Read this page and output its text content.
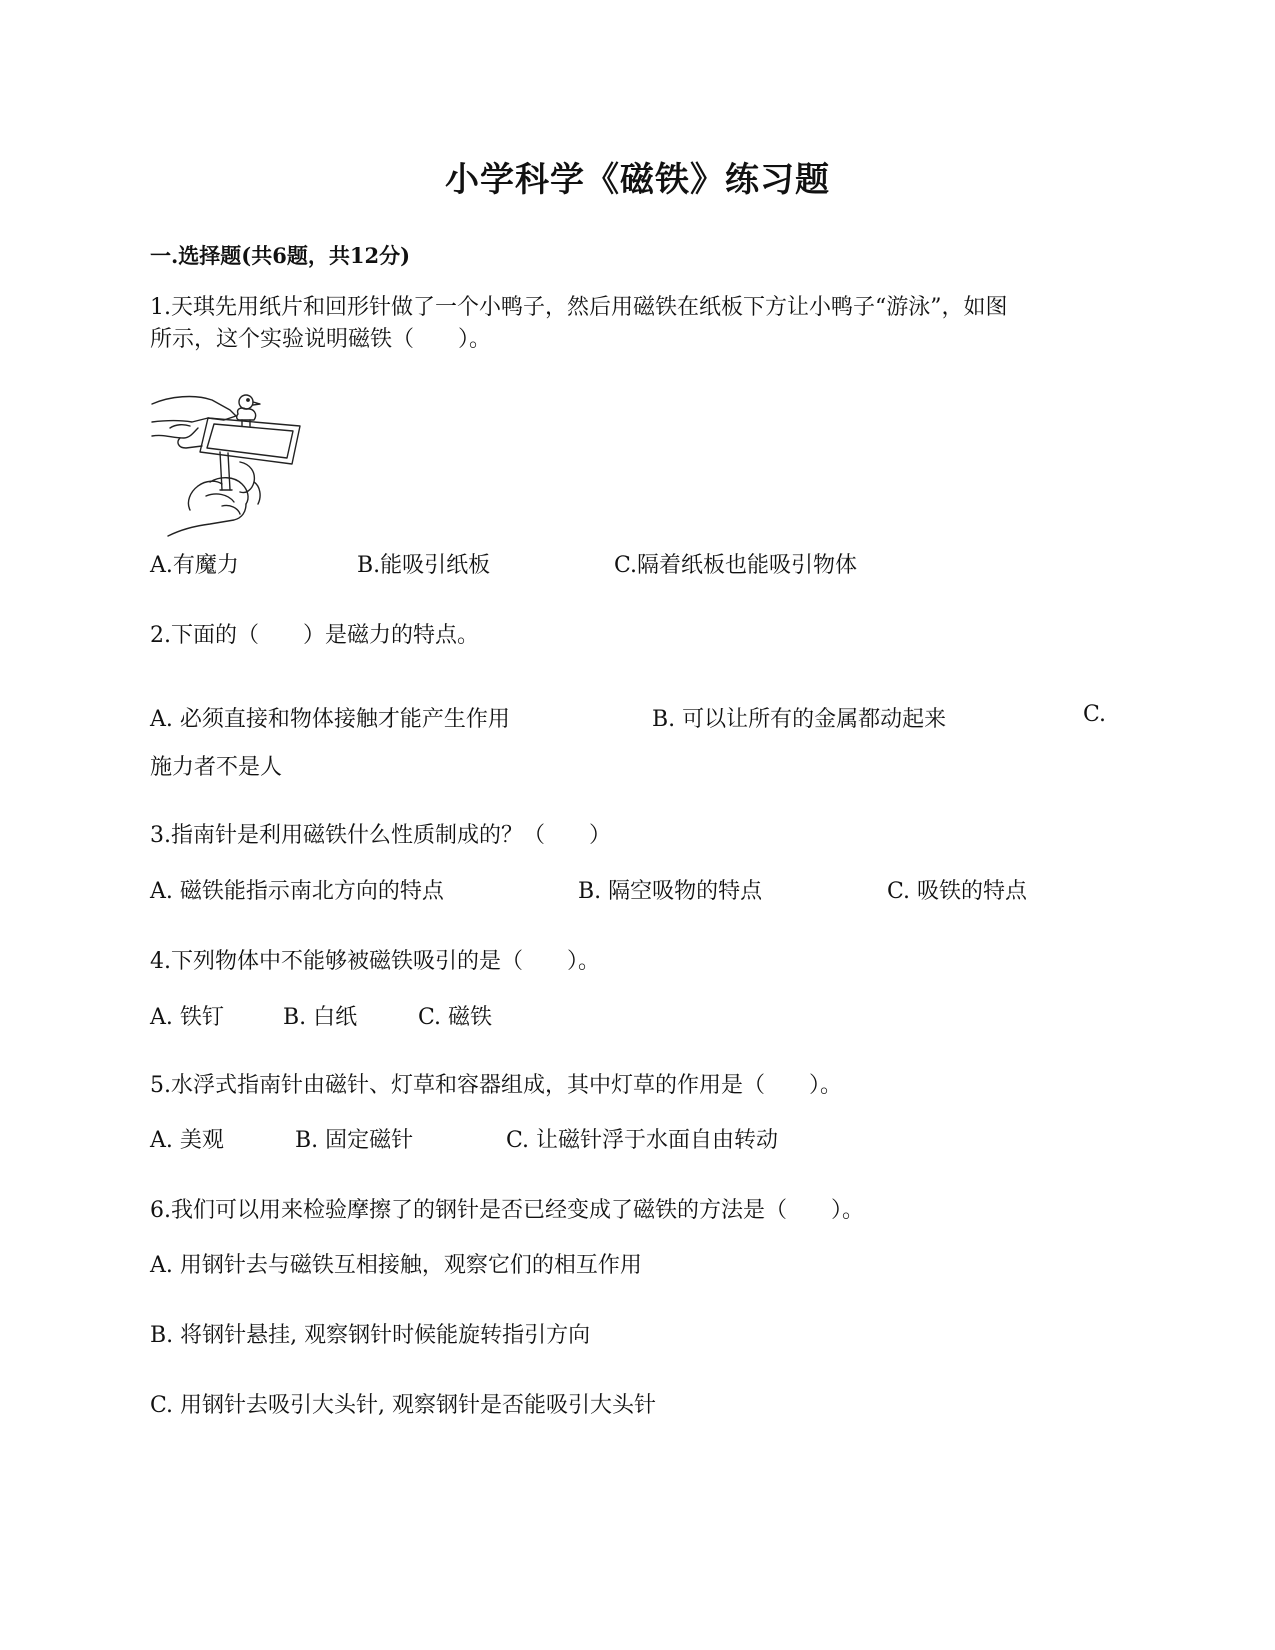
小学科学《磁铁》练习题
一.选择题(共6题，共12分)
1.天琪先用纸片和回形针做了一个小鸭子，然后用磁铁在纸板下方让小鸭子“游泳”，如图
所示，这个实验说明磁铁（　　）。
A.有魔力	B.能吸引纸板	C.隔着纸板也能吸引物体
2.下面的（　　）是磁力的特点。
A. 必须直接和物体接触才能产生作用	B. 可以让所有的金属都动起来	C.
施力者不是人
3.指南针是利用磁铁什么性质制成的？（　　）
A. 磁铁能指示南北方向的特点	B. 隔空吸物的特点	C. 吸铁的特点
4.下列物体中不能够被磁铁吸引的是（　　）。
A. 铁钉	B. 白纸	C. 磁铁
5.水浮式指南针由磁针、灯草和容器组成，其中灯草的作用是（　　）。
A. 美观	B. 固定磁针	C. 让磁针浮于水面自由转动
6.我们可以用来检验摩擦了的钢针是否已经变成了磁铁的方法是（　　）。
A. 用钢针去与磁铁互相接触，观察它们的相互作用
B. 将钢针悬挂, 观察钢针时候能旋转指引方向
C. 用钢针去吸引大头针, 观察钢针是否能吸引大头针
